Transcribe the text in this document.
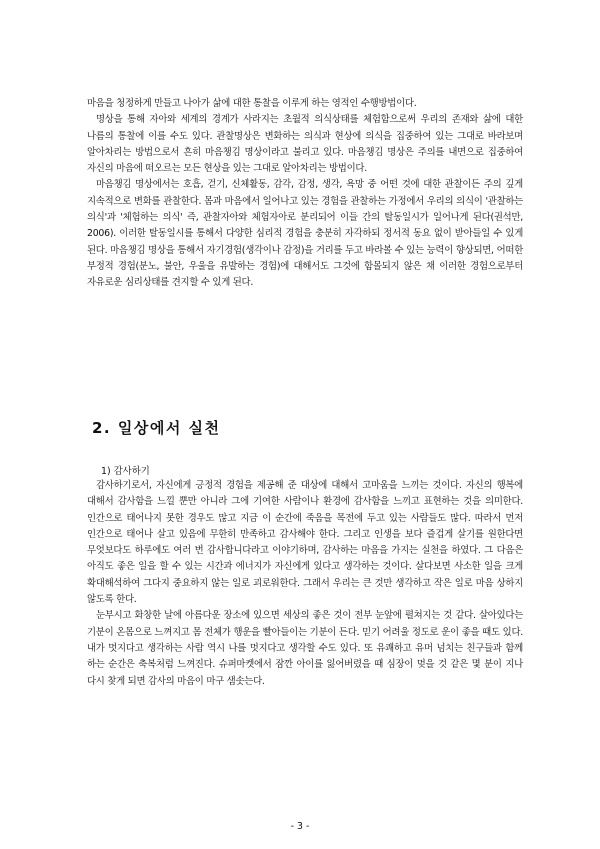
마음을 청정하게 만들고 나아가 삶에 대한 통찰을 이루게 하는 영적인 수행방법이다.

명상을 통해 자아와 세계의 경계가 사라지는 초월적 의식상태를 체험함으로써 우리의 존재와 삶에 대한 나름의 통찰에 이를 수도 있다. 관찰명상은 변화하는 의식과 현상에 의식을 집중하여 있는 그대로 바라보며 알아차리는 방법으로서 흔히 마음챙김 명상이라고 불리고 있다. 마음챙김 명상은 주의를 내면으로 집중하여 자신의 마음에 떠오르는 모든 현상을 있는 그대로 알아차리는 방법이다.

마음챙김 명상에서는 호흡, 걷기, 신체활동, 감각, 감정, 생각, 욕망 중 어떤 것에 대한 관찰이든 주의 깊게 지속적으로 변화를 관찰한다. 몸과 마음에서 일어나고 있는 경험을 관찰하는 가정에서 우리의 의식이 '관찰하는 의식'과 '체험하는 의식' 즉, 관찰자아와 체험자아로 분리되어 이들 간의 탈동일시가 일어나게 된다(권석만, 2006). 이러한 탈동일시를 통해서 다양한 심리적 경험을 충분히 자각하되 정서적 동요 없이 받아들일 수 있게 된다. 마음챙김 명상을 통해서 자기경험(생각이나 감정)을 거리를 두고 바라볼 수 있는 능력이 향상되면, 어떠한 부정적 경험(분노, 불안, 우울을 유발하는 경험)에 대해서도 그것에 함몰되지 않은 채 이러한 경험으로부터 자유로운 심리상태를 견지할 수 있게 된다.

2. 일상에서 실천

1) 감사하기

감사하기로서, 자신에게 긍정적 경험을 제공해 준 대상에 대해서 고마움을 느끼는 것이다. 자신의 행복에 대해서 감사함을 느낄 뿐만 아니라 그에 기여한 사람이나 환경에 감사함을 느끼고 표현하는 것을 의미한다. 인간으로 태어나지 못한 경우도 많고 지금 이 순간에 죽음을 목전에 두고 있는 사람들도 많다. 따라서 먼저 인간으로 태어나 살고 있음에 무한히 만족하고 감사해야 한다. 그리고 인생을 보다 즐겁게 살기를 원한다면 무엇보다도 하루에도 여러 번 감사합니다라고 이야기하며, 감사하는 마음을 가지는 실천을 하였다. 그 다음은 아직도 좋은 일을 할 수 있는 시간과 에너지가 자신에게 있다고 생각하는 것이다. 살다보면 사소한 일을 크게 확대해석하여 그다지 중요하지 않는 일로 괴로워한다. 그래서 우리는 큰 것만 생각하고 작은 일로 마음 상하지 않도록 한다.

눈부시고 화창한 날에 아름다운 장소에 있으면 세상의 좋은 것이 전부 눈앞에 펼쳐지는 것 같다. 살아있다는 기분이 온몸으로 느껴지고 몸 전체가 행운을 빨아들이는 기분이 든다. 믿기 어려울 정도로 운이 좋을 때도 있다. 내가 멋지다고 생각하는 사람 역시 나를 멋지다고 생각할 수도 있다. 또 유쾌하고 유머 넘치는 친구들과 함께 하는 순간은 축복처럼 느껴진다. 슈퍼마켓에서 잠깐 아이를 잃어버렸을 때 심장이 멎을 것 같은 몇 분이 지나 다시 찾게 되면 감사의 마음이 마구 샘솟는다.

- 3 -
